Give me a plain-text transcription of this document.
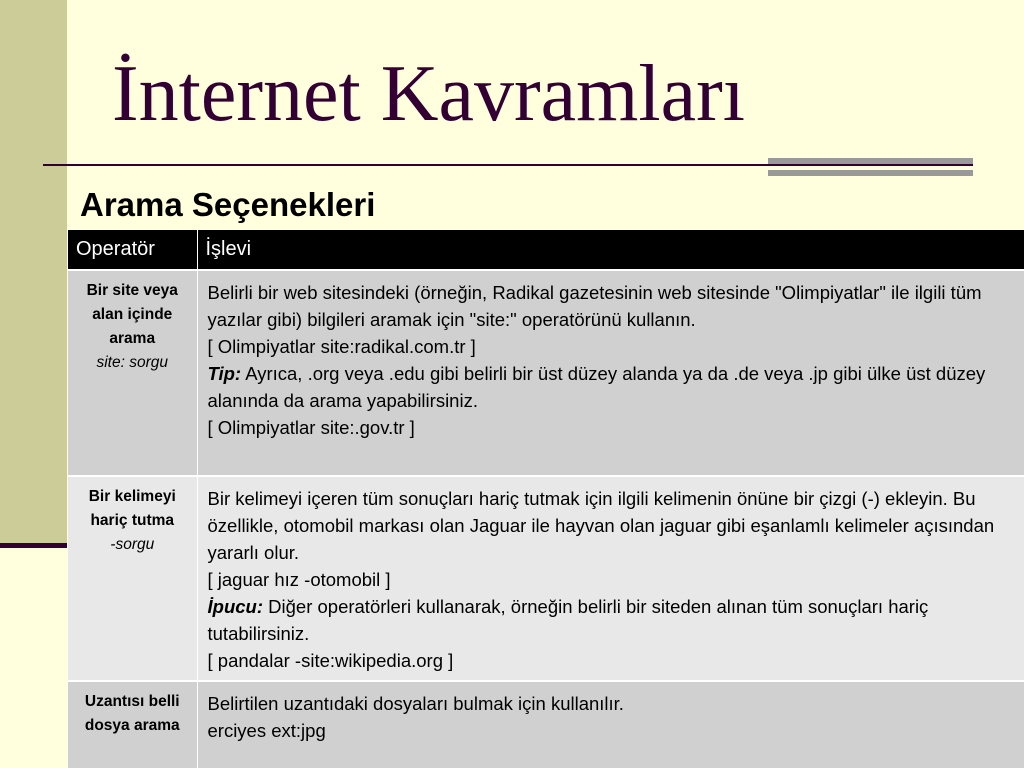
İnternet Kavramları
Arama Seçenekleri
Operatör	İşlevi

Bir site veya alan içinde arama
site: sorgu	Belirli bir web sitesindeki (örneğin, Radikal gazetesinin web sitesinde "Olimpiyatlar" ile ilgili tüm yazılar gibi) bilgileri aramak için "site:" operatörünü kullanın.
[ Olimpiyatlar site:radikal.com.tr ]
Tip: Ayrıca, .org veya .edu gibi belirli bir üst düzey alanda ya da .de veya .jp gibi ülke üst düzey alanında da arama yapabilirsiniz.
[ Olimpiyatlar site:.gov.tr ]

Bir kelimeyi hariç tutma
-sorgu	Bir kelimeyi içeren tüm sonuçları hariç tutmak için ilgili kelimenin önüne bir çizgi (-) ekleyin. Bu özellikle, otomobil markası olan Jaguar ile hayvan olan jaguar gibi eşanlamlı kelimeler açısından yararlı olur.
[ jaguar hız -otomobil ]
İpucu: Diğer operatörleri kullanarak, örneğin belirli bir siteden alınan tüm sonuçları hariç tutabilirsiniz.
[ pandalar -site:wikipedia.org ]

Uzantısı belli dosya arama	Belirtilen uzantıdaki dosyaları bulmak için kullanılır.
erciyes ext:jpg
